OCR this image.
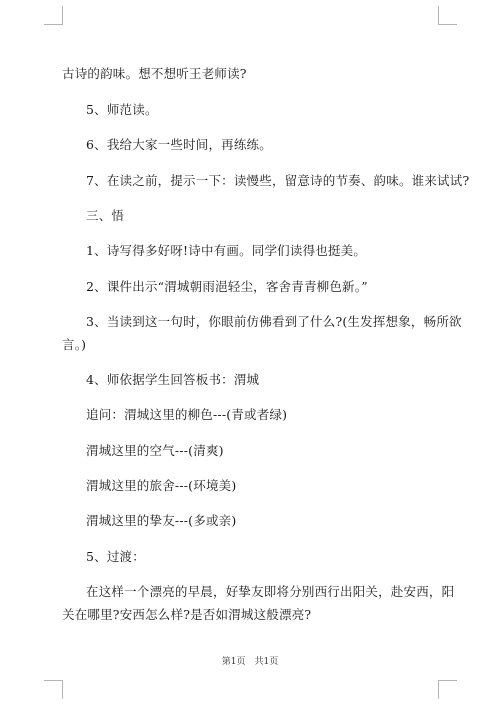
古诗的韵味。想不想听王老师读?
5、师范读。
6、我给大家一些时间，再练练。
7、在读之前，提示一下：读慢些，留意诗的节奏、韵味。谁来试试?
三、悟
1、诗写得多好呀!诗中有画。同学们读得也挺美。
2、课件出示“渭城朝雨浥轻尘，客舍青青柳色新。”
3、当读到这一句时，你眼前仿佛看到了什么?(生发挥想象，畅所欲
言。)
4、师依据学生回答板书：渭城
追问：渭城这里的柳色---(青或者绿)
渭城这里的空气---(清爽)
渭城这里的旅舍---(环境美)
渭城这里的挚友---(多或亲)
5、过渡：
在这样一个漂亮的早晨，好挚友即将分别西行出阳关，赴安西，阳
关在哪里?安西怎么样?是否如渭城这般漂亮?
第1页　共1页
